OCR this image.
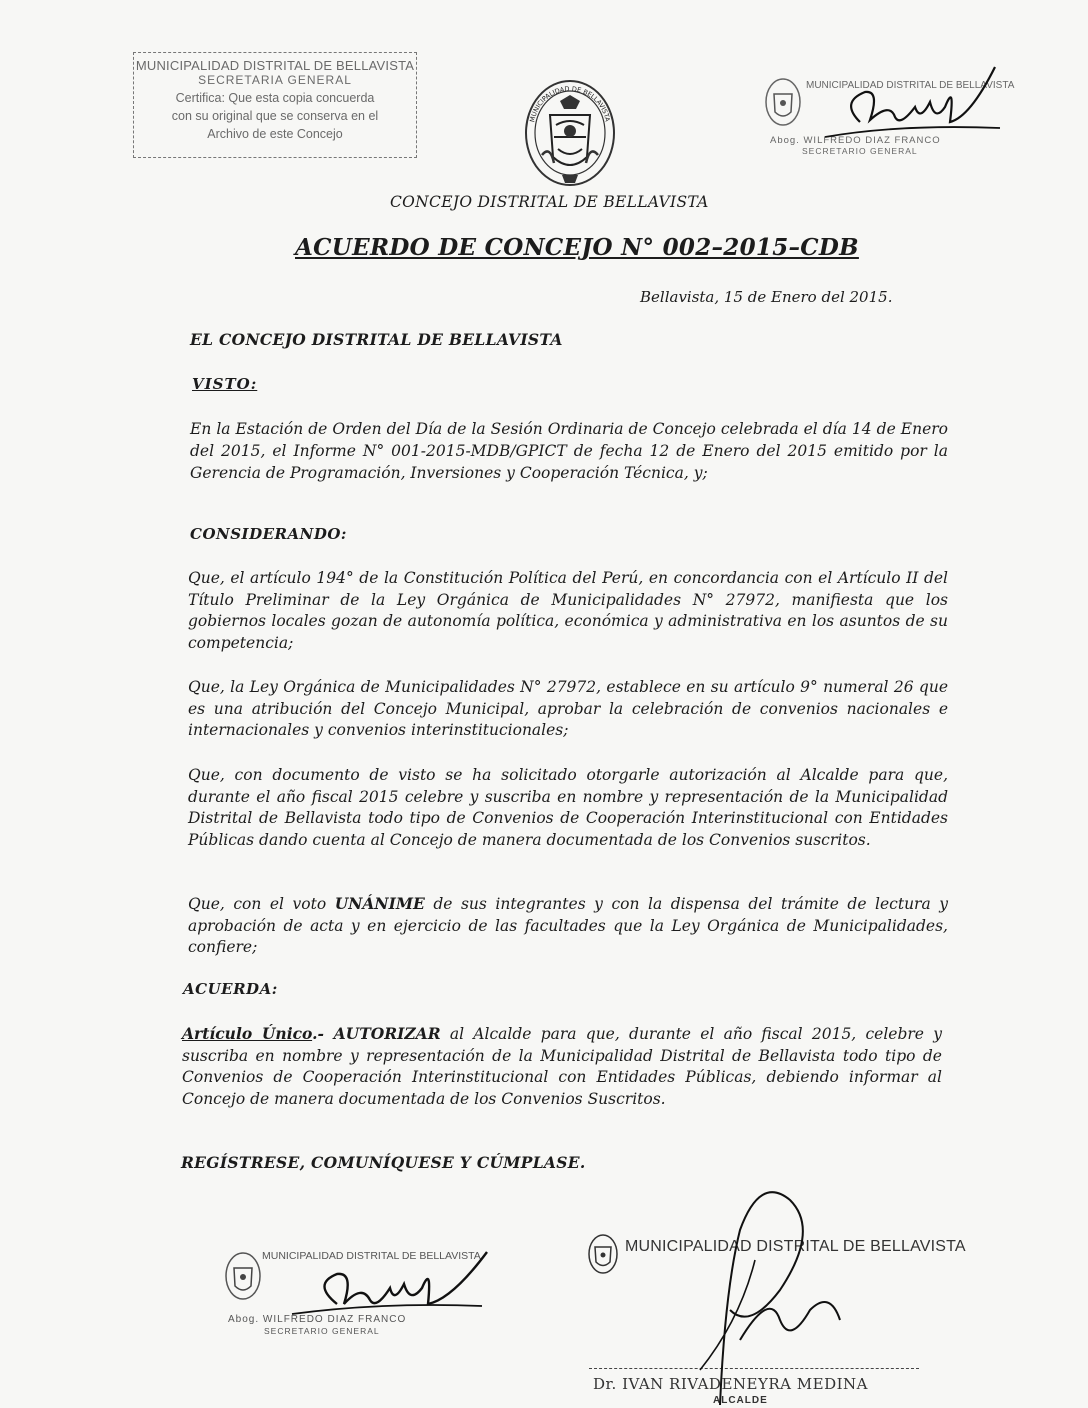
MUNICIPALIDAD DISTRITAL DE BELLAVISTA
SECRETARIA GENERAL
Certifica: Que esta copia concuerda
con su original que se conserva en el
Archivo de este Concejo
MUNICIPALIDAD DE BELLAVISTA
MUNICIPALIDAD DISTRITAL DE BELLAVISTA
Abog. WILFREDO DIAZ FRANCO
SECRETARIO GENERAL
CONCEJO DISTRITAL DE BELLAVISTA
ACUERDO DE CONCEJO N° 002–2015–CDB
Bellavista, 15 de Enero del 2015.
EL CONCEJO DISTRITAL DE BELLAVISTA
VISTO:
En la Estación de Orden del Día de la Sesión Ordinaria de Concejo celebrada el día 14 de Enero del 2015, el Informe N° 001-2015-MDB/GPICT de fecha 12 de Enero del 2015 emitido por la Gerencia de Programación, Inversiones y Cooperación Técnica, y;
CONSIDERANDO:
Que, el artículo 194° de la Constitución Política del Perú, en concordancia con el Artículo II del Título Preliminar de la Ley Orgánica de Municipalidades N° 27972, manifiesta que los gobiernos locales gozan de autonomía política, económica y administrativa en los asuntos de su competencia;
Que, la Ley Orgánica de Municipalidades N° 27972, establece en su artículo 9° numeral 26 que es una atribución del Concejo Municipal, aprobar la celebración de convenios nacionales e internacionales y convenios interinstitucionales;
Que, con documento de visto se ha solicitado otorgarle autorización al Alcalde para que, durante el año fiscal 2015 celebre y suscriba en nombre y representación de la Municipalidad Distrital de Bellavista todo tipo de Convenios de Cooperación Interinstitucional con Entidades Públicas dando cuenta al Concejo de manera documentada de los Convenios suscritos.
Que, con el voto UNÁNIME de sus integrantes y con la dispensa del trámite de lectura y aprobación de acta y en ejercicio de las facultades que la Ley Orgánica de Municipalidades, confiere;
ACUERDA:
Artículo Único.- AUTORIZAR al Alcalde para que, durante el año fiscal 2015, celebre y suscriba en nombre y representación de la Municipalidad Distrital de Bellavista todo tipo de Convenios de Cooperación Interinstitucional con Entidades Públicas, debiendo informar al Concejo de manera documentada de los Convenios Suscritos.
REGÍSTRESE, COMUNÍQUESE Y CÚMPLASE.
MUNICIPALIDAD DISTRITAL DE BELLAVISTA
Abog. WILFREDO DIAZ FRANCO
SECRETARIO GENERAL
MUNICIPALIDAD DISTRITAL DE BELLAVISTA
Dr. IVAN RIVADENEYRA MEDINA
ALCALDE
